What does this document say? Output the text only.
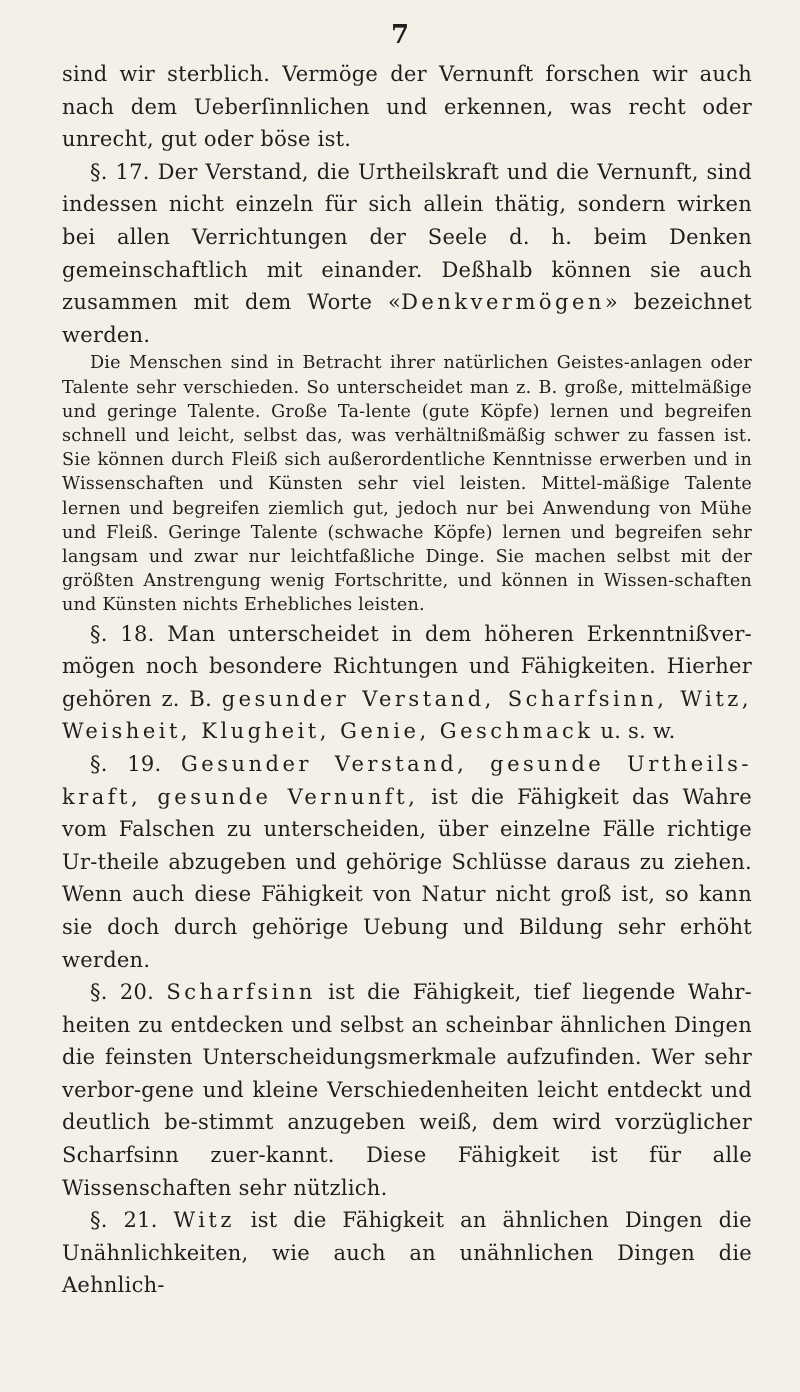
7

sind wir sterblich. Vermöge der Vernunft forschen wir auch nach dem Ueberſinnlichen und erkennen, was recht oder unrecht, gut oder böse ist.

§. 17. Der Verstand, die Urtheilskraft und die Vernunft, sind indessen nicht einzeln für sich allein thätig, sondern wirken bei allen Verrichtungen der Seele d. h. beim Denken gemeinschaftlich mit einander. Deßhalb können sie auch zusammen mit dem Worte «Denkvermögen» bezeichnet werden.

Die Menschen sind in Betracht ihrer natürlichen Geistes-anlagen oder Talente sehr verschieden. So unterscheidet man z. B. große, mittelmäßige und geringe Talente. Große Ta-lente (gute Köpfe) lernen und begreifen schnell und leicht, selbst das, was verhältnißmäßig schwer zu fassen ist. Sie können durch Fleiß sich außerordentliche Kenntnisse erwerben und in Wissenschaften und Künsten sehr viel leisten. Mittel-mäßige Talente lernen und begreifen ziemlich gut, jedoch nur bei Anwendung von Mühe und Fleiß. Geringe Talente (schwache Köpfe) lernen und begreifen sehr langsam und zwar nur leichtfaßliche Dinge. Sie machen selbst mit der größten Anstrengung wenig Fortschritte, und können in Wissen-schaften und Künsten nichts Erhebliches leisten.

§. 18. Man unterscheidet in dem höheren Erkenntnißver-mögen noch besondere Richtungen und Fähigkeiten. Hierher gehören z. B. gesunder Verstand, Scharfsinn, Witz, Weisheit, Klugheit, Genie, Geschmack u. s. w.

§. 19. Gesunder Verstand, gesunde Urtheils-kraft, gesunde Vernunft, ist die Fähigkeit das Wahre vom Falschen zu unterscheiden, über einzelne Fälle richtige Ur-theile abzugeben und gehörige Schlüsse daraus zu ziehen. Wenn auch diese Fähigkeit von Natur nicht groß ist, so kann sie doch durch gehörige Uebung und Bildung sehr erhöht werden.

§. 20. Scharfsinn ist die Fähigkeit, tief liegende Wahr-heiten zu entdecken und selbst an scheinbar ähnlichen Dingen die feinsten Unterscheidungsmerkmale aufzufinden. Wer sehr verbor-gene und kleine Verschiedenheiten leicht entdeckt und deutlich be-stimmt anzugeben weiß, dem wird vorzüglicher Scharfsinn zuer-kannt. Diese Fähigkeit ist für alle Wissenschaften sehr nützlich.

§. 21. Witz ist die Fähigkeit an ähnlichen Dingen die Unähnlichkeiten, wie auch an unähnlichen Dingen die Aehnlich-
